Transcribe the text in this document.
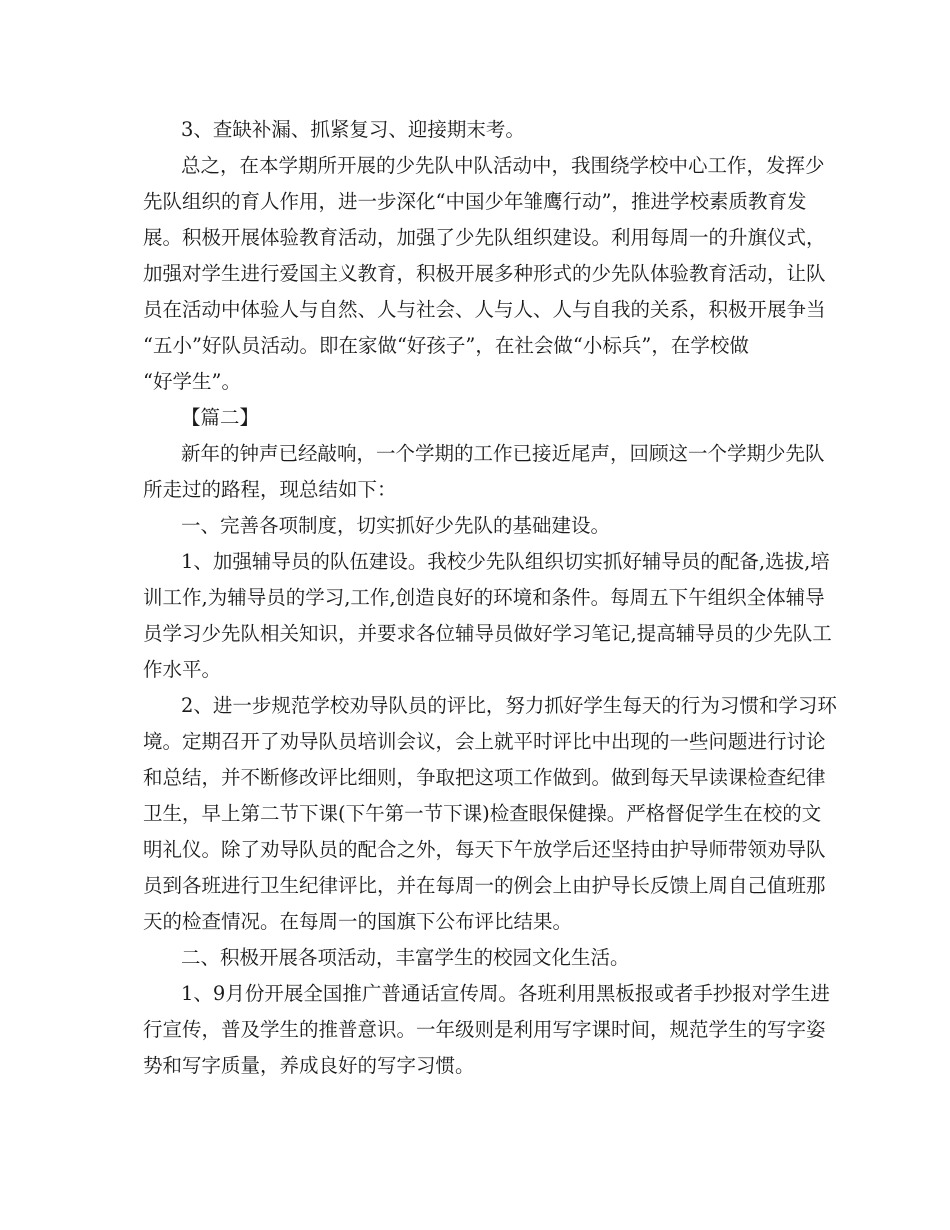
3、查缺补漏、抓紧复习、迎接期末考。
总之，在本学期所开展的少先队中队活动中，我围绕学校中心工作，发挥少
先队组织的育人作用，进一步深化“中国少年雏鹰行动”，推进学校素质教育发
展。积极开展体验教育活动，加强了少先队组织建设。利用每周一的升旗仪式，
加强对学生进行爱国主义教育，积极开展多种形式的少先队体验教育活动，让队
员在活动中体验人与自然、人与社会、人与人、人与自我的关系，积极开展争当
“五小”好队员活动。即在家做“好孩子”，在社会做“小标兵”，在学校做
“好学生”。
【篇二】
新年的钟声已经敲响，一个学期的工作已接近尾声，回顾这一个学期少先队
所走过的路程，现总结如下：
一、完善各项制度，切实抓好少先队的基础建设。
1、加强辅导员的队伍建设。我校少先队组织切实抓好辅导员的配备,选拔,培
训工作,为辅导员的学习,工作,创造良好的环境和条件。每周五下午组织全体辅导
员学习少先队相关知识，并要求各位辅导员做好学习笔记,提高辅导员的少先队工
作水平。
2、进一步规范学校劝导队员的评比，努力抓好学生每天的行为习惯和学习环
境。定期召开了劝导队员培训会议，会上就平时评比中出现的一些问题进行讨论
和总结，并不断修改评比细则，争取把这项工作做到。做到每天早读课检查纪律
卫生，早上第二节下课(下午第一节下课)检查眼保健操。严格督促学生在校的文
明礼仪。除了劝导队员的配合之外，每天下午放学后还坚持由护导师带领劝导队
员到各班进行卫生纪律评比，并在每周一的例会上由护导长反馈上周自己值班那
天的检查情况。在每周一的国旗下公布评比结果。
二、积极开展各项活动，丰富学生的校园文化生活。
1、9月份开展全国推广普通话宣传周。各班利用黑板报或者手抄报对学生进
行宣传，普及学生的推普意识。一年级则是利用写字课时间，规范学生的写字姿
势和写字质量，养成良好的写字习惯。
